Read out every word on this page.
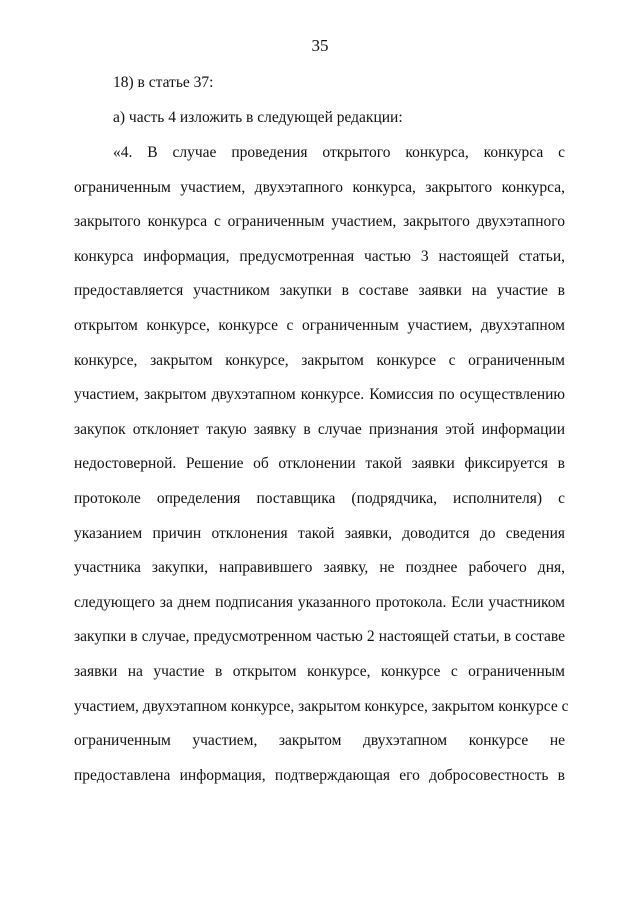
35
18) в статье 37:
а) часть 4 изложить в следующей редакции:
«4. В случае проведения открытого конкурса, конкурса с
ограниченным участием, двухэтапного конкурса, закрытого конкурса,
закрытого конкурса с ограниченным участием, закрытого двухэтапного
конкурса информация, предусмотренная частью 3 настоящей статьи,
предоставляется участником закупки в составе заявки на участие в
открытом конкурсе, конкурсе с ограниченным участием, двухэтапном
конкурсе, закрытом конкурсе, закрытом конкурсе с ограниченным
участием, закрытом двухэтапном конкурсе. Комиссия по осуществлению
закупок отклоняет такую заявку в случае признания этой информации
недостоверной. Решение об отклонении такой заявки фиксируется в
протоколе определения поставщика (подрядчика, исполнителя) с
указанием причин отклонения такой заявки, доводится до сведения
участника закупки, направившего заявку, не позднее рабочего дня,
следующего за днем подписания указанного протокола. Если участником
закупки в случае, предусмотренном частью 2 настоящей статьи, в составе
заявки на участие в открытом конкурсе, конкурсе с ограниченным
участием, двухэтапном конкурсе, закрытом конкурсе, закрытом конкурсе с
ограниченным участием, закрытом двухэтапном конкурсе не
предоставлена информация, подтверждающая его добросовестность в
